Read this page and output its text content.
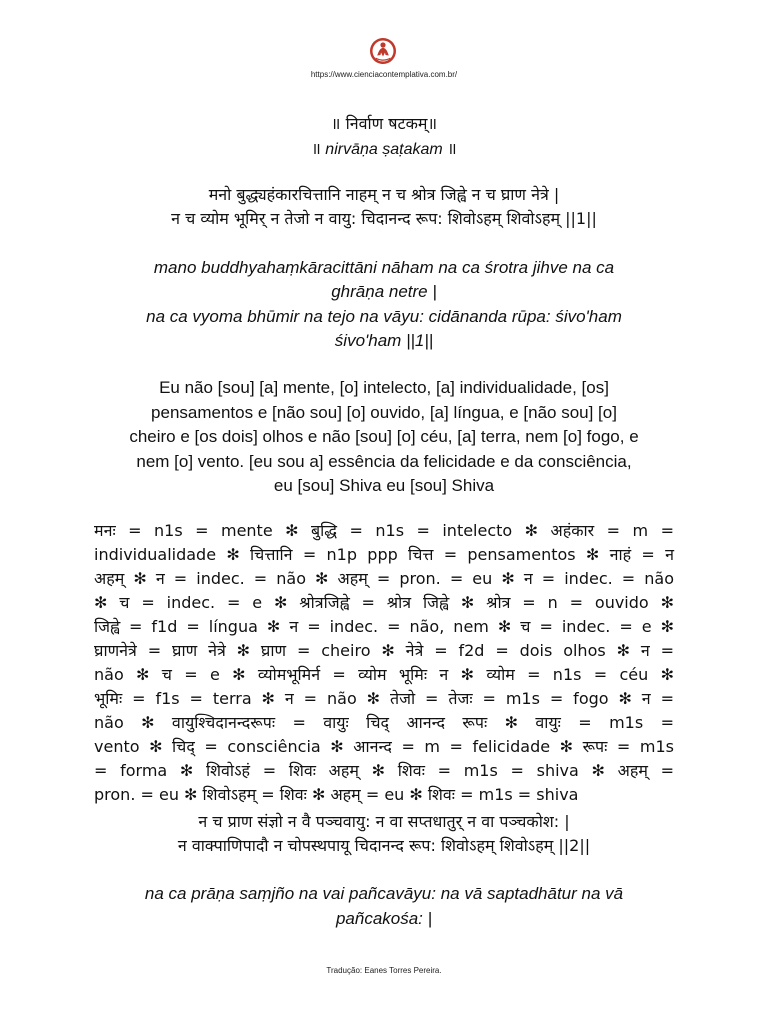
https://www.cienciacontemplativa.com.br/
॥ निर्वाण षटकम्॥
॥ nirvāṇa ṣaṭakam ॥
मनो बुद्ध्यहंकारचित्तानि नाहम् न च श्रोत्र जिह्वे न च घ्राण नेत्रे |
न च व्योम भूमिर् न तेजो न वायु: चिदानन्द रूप: शिवोऽहम् शिवोऽहम् ||1||
mano buddhyahaṃkāracittāni nāham na ca śrotra jihve na ca
ghrāṇa netre |
na ca vyoma bhūmir na tejo na vāyu: cidānanda rūpa: śivo'ham
śivo'ham ||1||
Eu não [sou] [a] mente, [o] intelecto, [a] individualidade, [os]
pensamentos e [não sou] [o] ouvido, [a] língua, e [não sou] [o]
cheiro e [os dois] olhos e não [sou] [o] céu, [a] terra, nem [o] fogo, e
nem [o] vento. [eu sou a] essência da felicidade e da consciência,
eu [sou] Shiva eu [sou] Shiva
मनः = n1s = mente ✻ बुद्धि = n1s = intelecto ✻ अहंकार = m =
individualidade ✻ चित्तानि = n1p ppp चित्त = pensamentos ✻ नाहं = न
अहम् ✻ न = indec. = não ✻ अहम् = pron. = eu ✻ न = indec. = não
✻ च = indec. = e ✻ श्रोत्रजिह्वे = श्रोत्र जिह्वे ✻ श्रोत्र = n = ouvido ✻
जिह्वे = f1d = língua ✻ न = indec. = não, nem ✻ च = indec. = e ✻
घ्राणनेत्रे = घ्राण नेत्रे ✻ घ्राण = cheiro ✻ नेत्रे = f2d = dois olhos ✻ न =
não ✻ च = e ✻ व्योमभूमिर्न = व्योम भूमिः न ✻ व्योम = n1s = céu ✻
भूमिः = f1s = terra ✻ न = não ✻ तेजो = तेजः = m1s = fogo ✻ न =
não ✻ वायुश्चिदानन्दरूपः = वायुः चिद् आनन्द रूपः ✻ वायुः = m1s =
vento ✻ चिद् = consciência ✻ आनन्द = m = felicidade ✻ रूपः = m1s
= forma ✻ शिवोऽहं = शिवः अहम् ✻ शिवः = m1s = shiva ✻ अहम् =
pron. = eu ✻ शिवोऽहम् = शिवः ✻ अहम् = eu ✻ शिवः = m1s = shiva
न च प्राण संज्ञो न वै पञ्चवायु: न वा सप्तधातुर् न वा पञ्चकोश: |
न वाक्पाणिपादौ न चोपस्थपायू चिदानन्द रूप: शिवोऽहम् शिवोऽहम् ||2||
na ca prāṇa saṃjño na vai pañcavāyu: na vā saptadhātur na vā
pañcakośa: |
Tradução: Eanes Torres Pereira.
